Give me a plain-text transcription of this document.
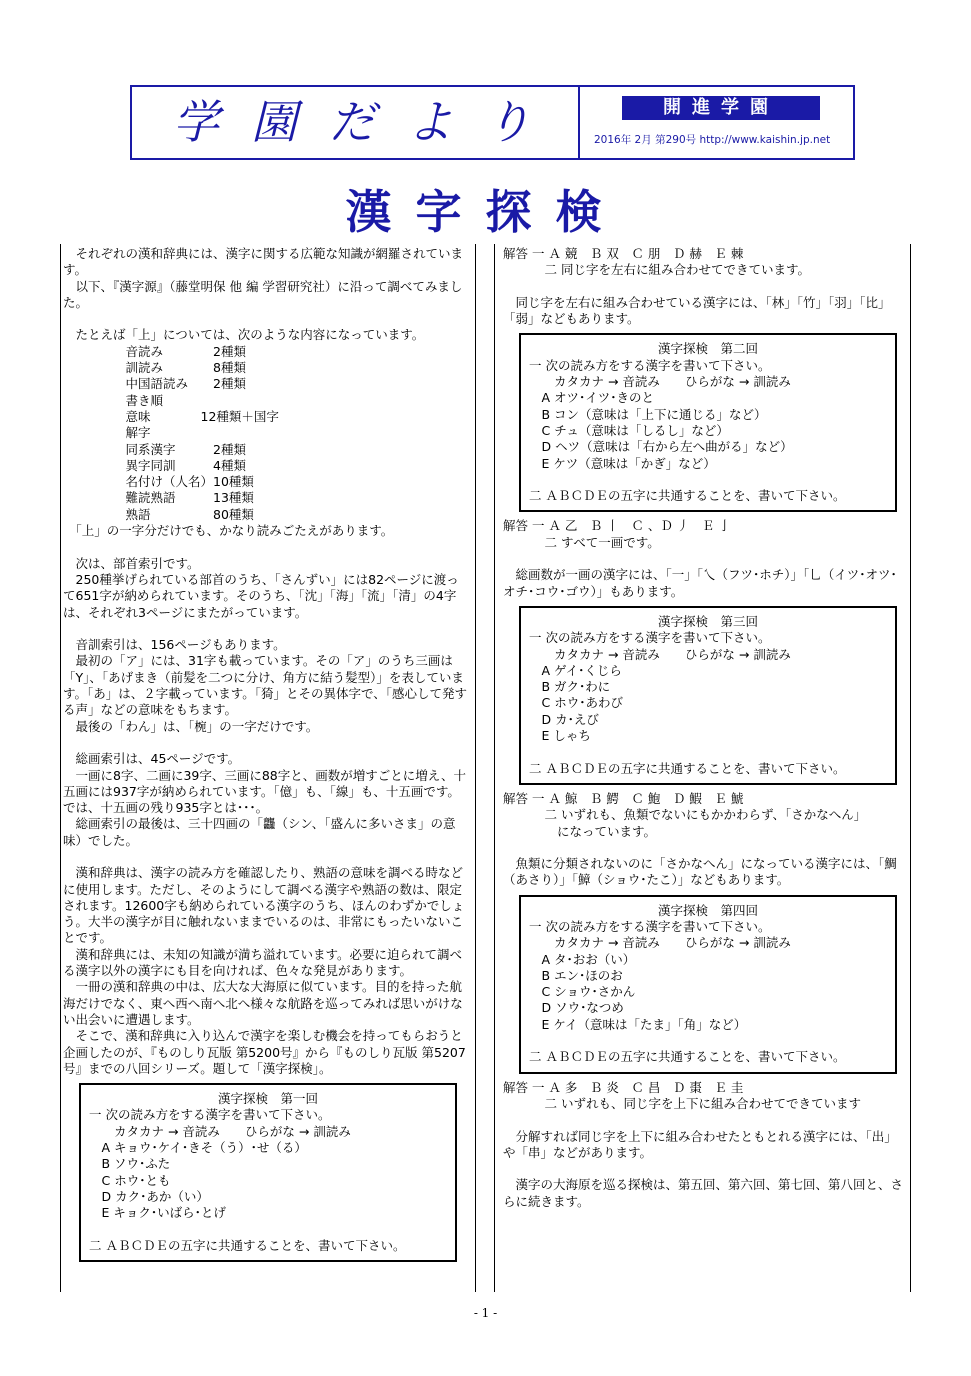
学園だより	開進学園
2016年 2月 第290号 http://www.kaishin.jp.net
漢字探検

　それぞれの漢和辞典には、漢字に関する広範な知識が網羅されています。

　以下、『漢字源』（藤堂明保 他 編 学習研究社）に沿って調べてみました。

　たとえば「上」については、次のような内容になっています。

　　　　　音読み　　　　2種類

　　　　　訓読み　　　　8種類

　　　　　中国語読み　　2種類

　　　　　書き順

　　　　　意味　　　　12種類＋国字

　　　　　解字

　　　　　同系漢字　　　2種類

　　　　　異字同訓　　　4種類

　　　　　名付け（人名）10種類

　　　　　難読熟語　　　13種類

　　　　　熟語　　　　　80種類

　「上」の一字分だけでも、かなり読みごたえがあります。

　次は、部首索引です。

　250種挙げられている部首のうち、「さんずい」には82ページに渡って651字が納められています。そのうち、「沈」「海」「流」「清」の4字は、それぞれ3ページにまたがっています。

　音訓索引は、156ページもあります。

　最初の「ア」には、31字も載っています。その「ア」のうち三画は「Y」、「あげまき（前髪を二つに分け、角方に結う髪型）」を表しています。「あ」は、２字載っています。「猗」とその異体字で、「感心して発する声」などの意味をもちます。

　最後の「わん」は、「椀」の一字だけです。

　総画索引は、45ページです。

　一画に8字、二画に39字、三画に88字と、画数が増すごとに増え、十五画には937字が納められています。「億」も、「線」も、十五画です。では、十五画の残り935字とは･･･。

　総画索引の最後は、三十四画の「龘（シン、「盛んに多いさま」の意味）でした。

　漢和辞典は、漢字の読み方を確認したり、熟語の意味を調べる時などに使用します。ただし、そのようにして調べる漢字や熟語の数は、限定されます。12600字も納められている漢字のうち、ほんのわずかでしょう。大半の漢字が目に触れないままでいるのは、非常にもったいないことです。

　漢和辞典には、未知の知識が満ち溢れています。必要に迫られて調べる漢字以外の漢字にも目を向ければ、色々な発見があります。

　一冊の漢和辞典の中は、広大な大海原に似ています。目的を持った航海だけでなく、東へ西へ南へ北へ様々な航路を巡ってみれば思いがけない出会いに遭遇します。

　そこで、漢和辞典に入り込んで漢字を楽しむ機会を持ってもらおうと企画したのが、『ものしり瓦版 第5200号』から『ものしり瓦版 第5207号』までの八回シリーズ。題して「漢字探検」。

漢字探検　第一回

一 次の読み方をする漢字を書いて下さい。

　　カタカナ → 音読み　　ひらがな → 訓読み

　A キョウ･ケイ･きそ（う）･せ（る）

　B ソウ･ふた

　C ホウ･とも

　D カク･あか（い）

　E キョク･いばら･とげ

二 ＡＢＣＤＥの五字に共通することを、書いて下さい。

解答 一 Ａ 競　Ｂ 双　Ｃ 朋　Ｄ 赫　Ｅ 棘

　　　 二 同じ字を左右に組み合わせてできています。

　同じ字を左右に組み合わせている漢字には、「林」「竹」「羽」「比」「弱」などもあります。

漢字探検　第二回

一 次の読み方をする漢字を書いて下さい。

　　カタカナ → 音読み　　ひらがな → 訓読み

　A オツ･イツ･きのと

　B コン（意味は「上下に通じる」など）

　C チュ（意味は「しるし」など）

　D ヘツ（意味は「右から左へ曲がる」など）

　E ケツ（意味は「かぎ」など）

二 ＡＢＣＤＥの五字に共通することを、書いて下さい。

解答 一 Ａ 乙　Ｂ 丨　Ｃ 、Ｄ 丿　Ｅ 亅

　　　 二 すべて一画です。

　総画数が一画の漢字には、「一」「乀（フツ･ホチ）」「乚（イツ･オツ･オチ･コウ･ゴウ）」もあります。

漢字探検　第三回

一 次の読み方をする漢字を書いて下さい。

　　カタカナ → 音読み　　ひらがな → 訓読み

　A ゲイ･くじら

　B ガク･わに

　C ホウ･あわび

　D カ･えび

　E しゃち

二 ＡＢＣＤＥの五字に共通することを、書いて下さい。

解答 一 Ａ 鯨　Ｂ 鰐　Ｃ 鮑　Ｄ 鰕　Ｅ 鯱

　　　 二 いずれも、魚類でないにもかかわらず、「さかなへん」

　　　　 になっています。

　魚類に分類されないのに「さかなへん」になっている漢字には、「鯛（あさり）」「鱆（ショウ･たこ）」などもあります。

漢字探検　第四回

一 次の読み方をする漢字を書いて下さい。

　　カタカナ → 音読み　　ひらがな → 訓読み

　A タ･おお（い）

　B エン･ほのお

　C ショウ･さかん

　D ソウ･なつめ

　E ケイ（意味は「たま」「角」など）

二 ＡＢＣＤＥの五字に共通することを、書いて下さい。

解答 一 Ａ 多　Ｂ 炎　Ｃ 昌　Ｄ 棗　Ｅ 圭

　　　 二 いずれも、同じ字を上下に組み合わせてできています

　分解すれば同じ字を上下に組み合わせたともとれる漢字には、「出」や「串」などがあります。

　漢字の大海原を巡る探検は、第五回、第六回、第七回、第八回と、さらに続きます。

- 1 -
